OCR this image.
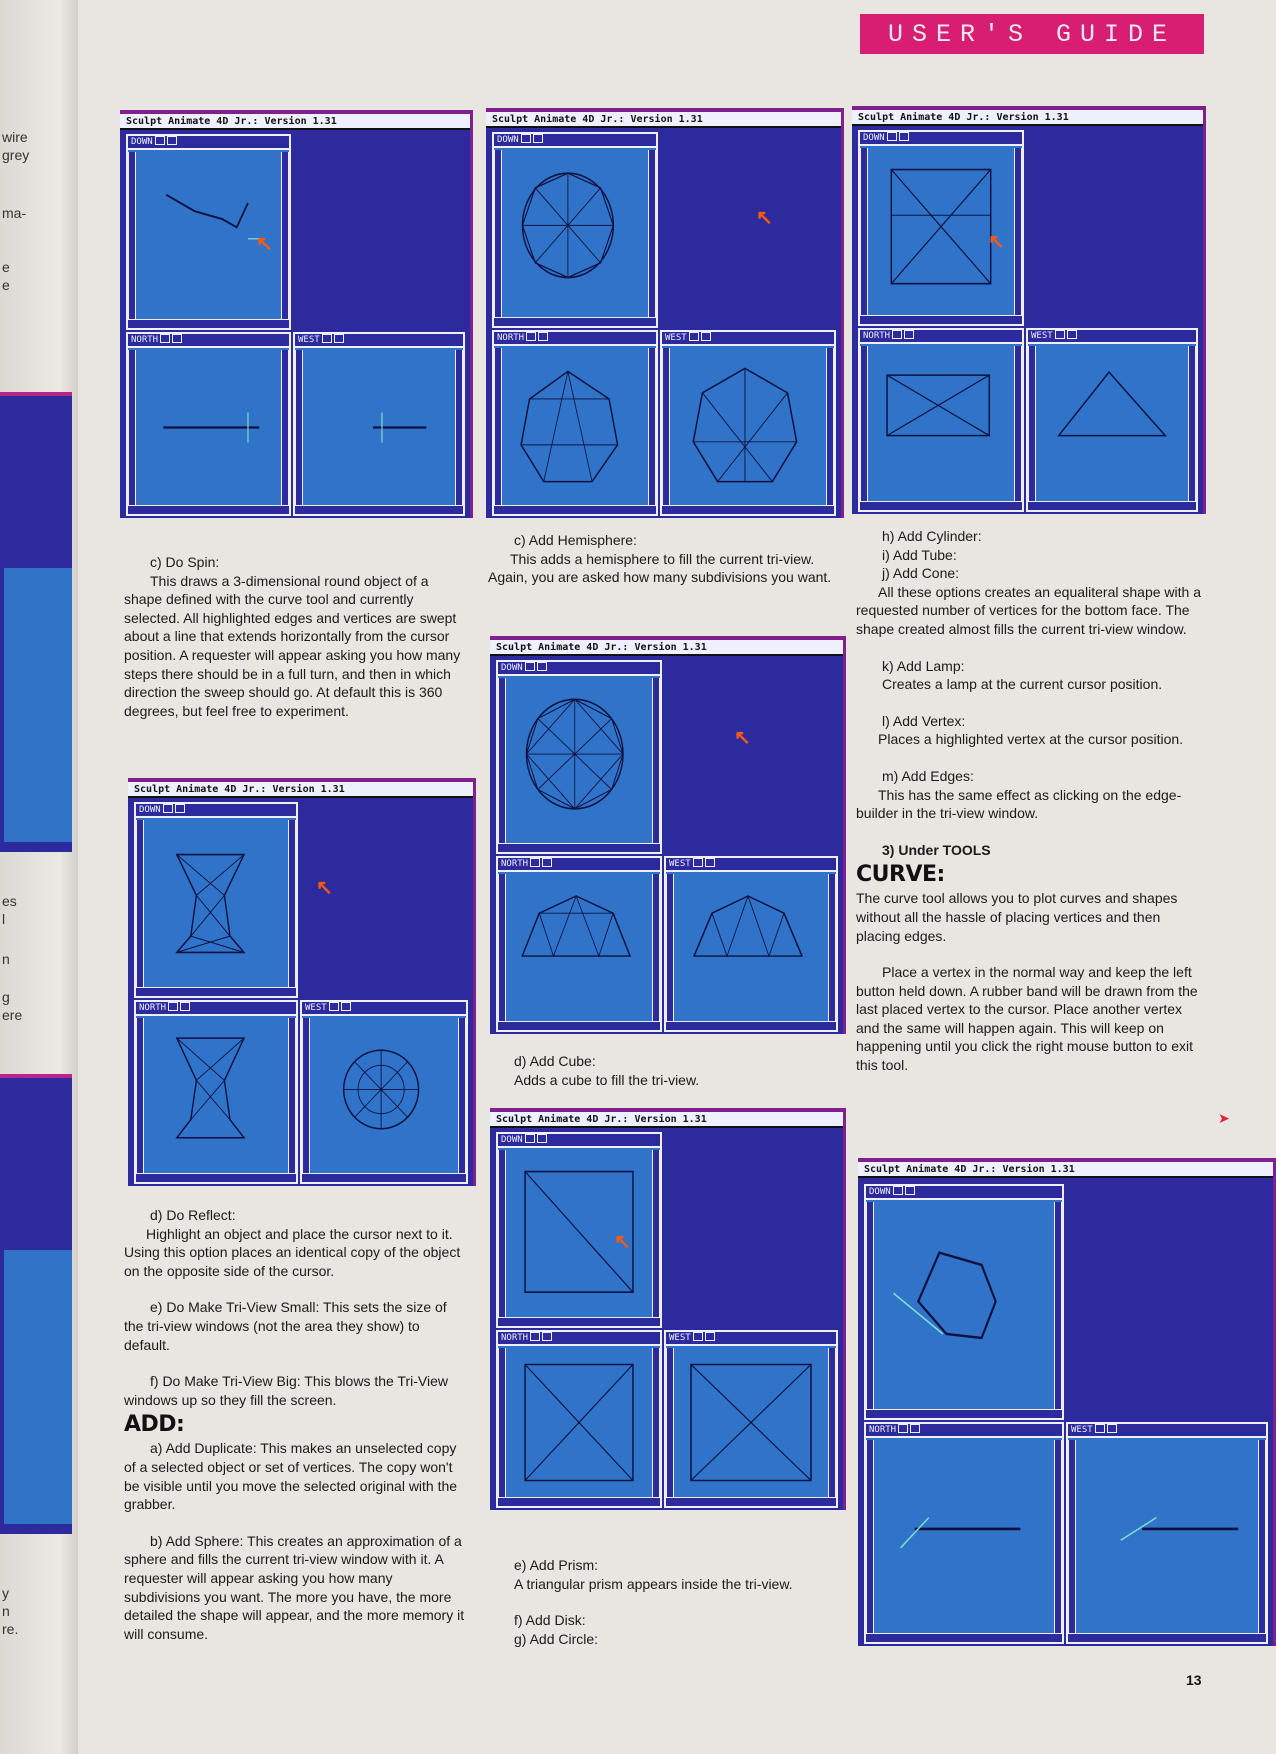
wire
grey
ma-
e
e
es
l
n
g
ere
y
n
re.
USER'S GUIDE
Sculpt Animate 4D Jr.: Version 1.31
DOWN
↖
NORTH	WEST
Sculpt Animate 4D Jr.: Version 1.31
DOWN
↖
NORTH	WEST
Sculpt Animate 4D Jr.: Version 1.31
DOWN
↖
NORTH	WEST
Sculpt Animate 4D Jr.: Version 1.31
DOWN
↖
NORTH	WEST
Sculpt Animate 4D Jr.: Version 1.31
DOWN
↖
NORTH	WEST
Sculpt Animate 4D Jr.: Version 1.31
DOWN
↖
NORTH	WEST
Sculpt Animate 4D Jr.: Version 1.31
DOWN
NORTH	WEST

c) Do Spin:

This draws a 3-dimensional round object of a shape defined with the curve tool and currently selected. All highlighted edges and vertices are swept about a line that extends horizontally from the cursor position. A requester will appear asking you how many steps there should be in a full turn, and then in which direction the sweep should go. At default this is 360 degrees, but feel free to experiment.

d) Do Reflect:

Highlight an object and place the cursor next to it. Using this option places an identical copy of the object on the opposite side of the cursor.

e) Do Make Tri-View Small: This sets the size of the tri-view windows (not the area they show) to default.

f) Do Make Tri-View Big: This blows the Tri-View windows up so they fill the screen.

ADD:

a) Add Duplicate: This makes an unselected copy of a selected object or set of vertices. The copy won't be visible until you move the selected original with the grabber.

b) Add Sphere: This creates an approximation of a sphere and fills the current tri-view window with it. A requester will appear asking you how many subdivisions you want. The more you have, the more detailed the shape will appear, and the more memory it will consume.

c) Add Hemisphere:

This adds a hemisphere to fill the current tri-view. Again, you are asked how many subdivisions you want.

d) Add Cube:

Adds a cube to fill the tri-view.

e) Add Prism:

A triangular prism appears inside the tri-view.

f) Add Disk:

g) Add Circle:

h) Add Cylinder:

i) Add Tube:

j) Add Cone:

All these options creates an equaliteral shape with a requested number of vertices for the bottom face. The shape created almost fills the current tri-view window.

k) Add Lamp:

Creates a lamp at the current cursor position.

l) Add Vertex:

Places a highlighted vertex at the cursor position.

m) Add Edges:

This has the same effect as clicking on the edge-builder in the tri-view window.

3) Under TOOLS

CURVE:

The curve tool allows you to plot curves and shapes without all the hassle of placing vertices and then placing edges.

Place a vertex in the normal way and keep the left button held down. A rubber band will be drawn from the last placed vertex to the cursor. Place another vertex and the same will happen again. This will keep on happening until you click the right mouse button to exit this tool.

➤
13
